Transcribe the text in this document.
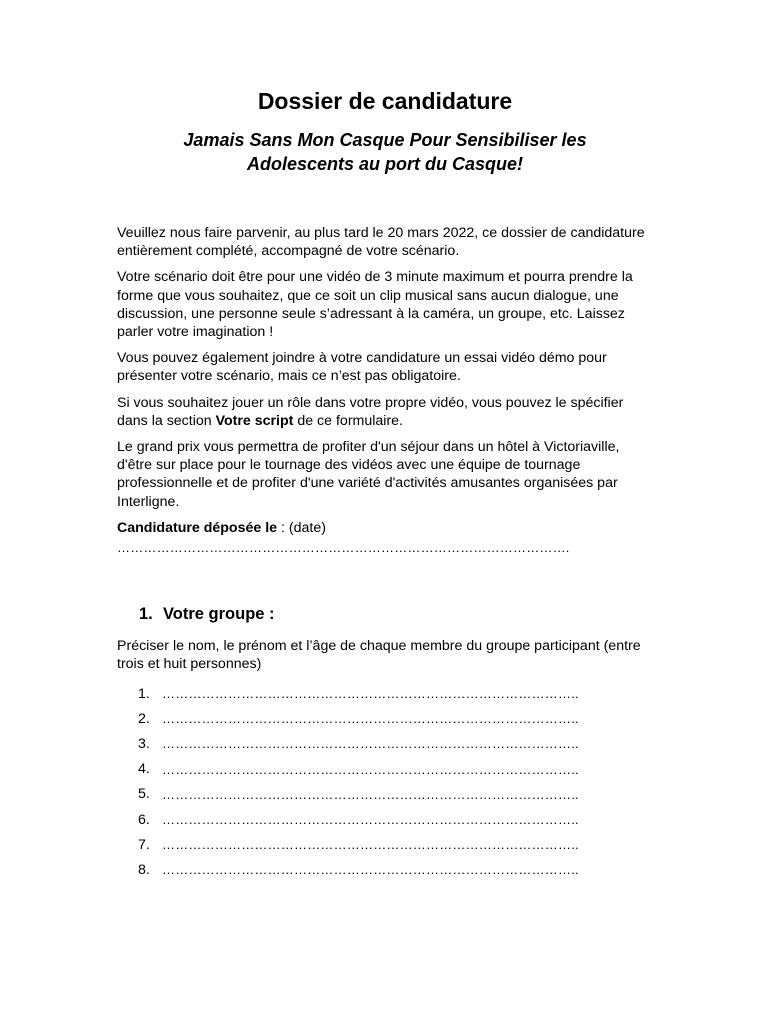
Dossier de candidature
Jamais Sans Mon Casque Pour Sensibiliser les
Adolescents au port du Casque!

Veuillez nous faire parvenir, au plus tard le 20 mars 2022, ce dossier de candidature entièrement complété, accompagné de votre scénario.

Votre scénario doit être pour une vidéo de 3 minute maximum et pourra prendre la forme que vous souhaitez, que ce soit un clip musical sans aucun dialogue, une discussion, une personne seule s’adressant à la caméra, un groupe, etc. Laissez parler votre imagination !

Vous pouvez également joindre à votre candidature un essai vidéo démo pour présenter votre scénario, mais ce n’est pas obligatoire.

Si vous souhaitez jouer un rôle dans votre propre vidéo, vous pouvez le spécifier dans la section Votre script de ce formulaire.

Le grand prix vous permettra de profiter d'un séjour dans un hôtel à Victoriaville, d'être sur place pour le tournage des vidéos avec une équipe de tournage professionnelle et de profiter d'une variété d'activités amusantes organisées par Interligne.

Candidature déposée le : (date)

………………………………………………………………………………………….
1. Votre groupe :
Préciser le nom, le prénom et l’âge de chaque membre du groupe participant (entre trois et huit personnes)
1. …………………………………………………………………………………..
2. …………………………………………………………………………………..
3. …………………………………………………………………………………..
4. …………………………………………………………………………………..
5. …………………………………………………………………………………..
6. …………………………………………………………………………………..
7. …………………………………………………………………………………..
8. …………………………………………………………………………………..
